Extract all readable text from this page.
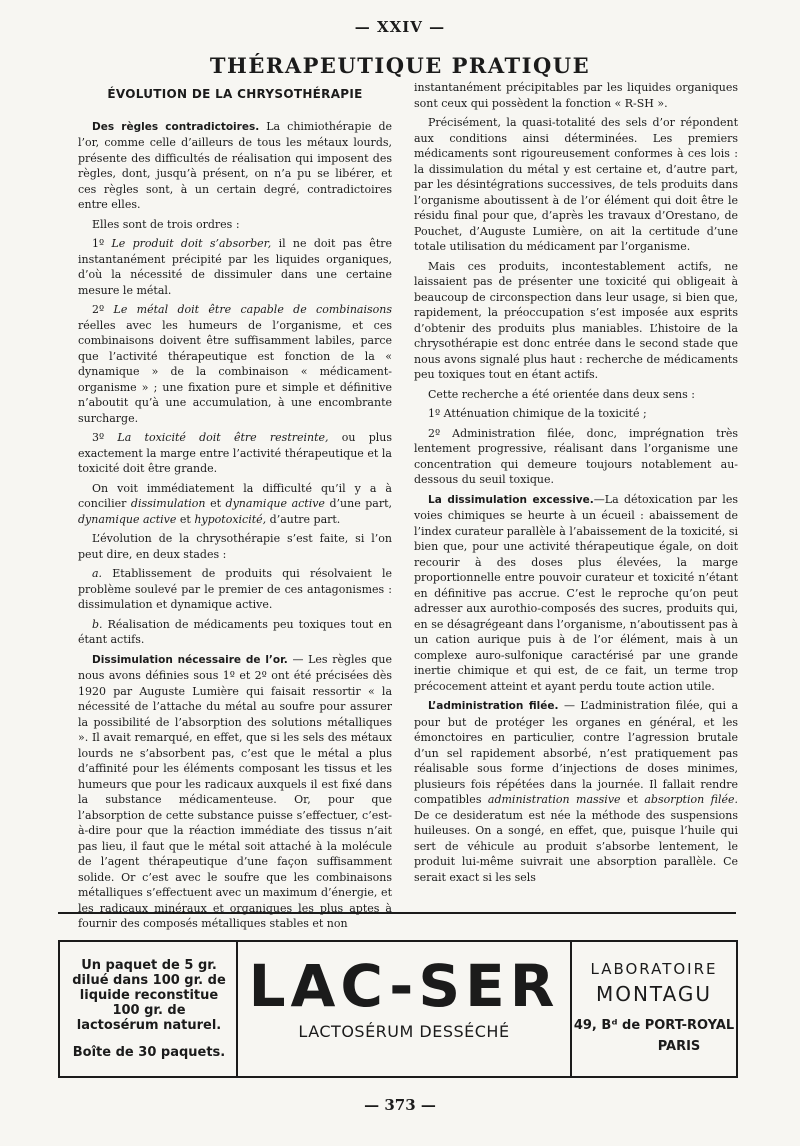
— XXIV —
THÉRAPEUTIQUE PRATIQUE
ÉVOLUTION DE LA CHRYSOTHÉRAPIE

Des règles contradictoires. La chimiothérapie de l’or, comme celle d’ailleurs de tous les métaux lourds, présente des difficultés de réalisation qui imposent des règles, dont, jusqu’à présent, on n’a pu se libérer, et ces règles sont, à un certain degré, contradictoires entre elles.

Elles sont de trois ordres :

1º Le produit doit s’absorber, il ne doit pas être instantanément précipité par les liquides organiques, d’où la nécessité de dissimuler dans une certaine mesure le métal.

2º Le métal doit être capable de combinaisons réelles avec les humeurs de l’organisme, et ces combinaisons doivent être suffisamment labiles, parce que l’activité thérapeutique est fonction de la « dynamique » de la combinaison « médicament-organisme » ; une fixation pure et simple et définitive n’aboutit qu’à une accumulation, à une encombrante surcharge.

3º La toxicité doit être restreinte, ou plus exactement la marge entre l’activité thérapeutique et la toxicité doit être grande.

On voit immédiatement la difficulté qu’il y a à concilier dissimulation et dynamique active d’une part, dynamique active et hypotoxicité, d’autre part.

L’évolution de la chrysothérapie s’est faite, si l’on peut dire, en deux stades :

a. Etablissement de produits qui résolvaient le problème soulevé par le premier de ces antagonismes : dissimulation et dynamique active.

b. Réalisation de médicaments peu toxiques tout en étant actifs.

Dissimulation nécessaire de l’or. — Les règles que nous avons définies sous 1º et 2º ont été précisées dès 1920 par Auguste Lumière qui faisait ressortir « la nécessité de l’attache du métal au soufre pour assurer la possibilité de l’absorption des solutions métalliques ». Il avait remarqué, en effet, que si les sels des métaux lourds ne s’absorbent pas, c’est que le métal a plus d’affinité pour les éléments composant les tissus et les humeurs que pour les radicaux auxquels il est fixé dans la substance médicamenteuse. Or, pour que l’absorption de cette substance puisse s’effectuer, c’est-à-dire pour que la réaction immédiate des tissus n’ait pas lieu, il faut que le métal soit attaché à la molécule de l’agent thérapeutique d’une façon suffisamment solide. Or c’est avec le soufre que les combinaisons métalliques s’effectuent avec un maximum d’énergie, et les radicaux minéraux et organiques les plus aptes à fournir des composés métalliques stables et non

instantanément précipitables par les liquides organiques sont ceux qui possèdent la fonction « R-SH ».

Précisément, la quasi-totalité des sels d’or répondent aux conditions ainsi déterminées. Les premiers médicaments sont rigoureusement conformes à ces lois : la dissimulation du métal y est certaine et, d’autre part, par les désintégrations successives, de tels produits dans l’organisme aboutissent à de l’or élément qui doit être le résidu final pour que, d’après les travaux d’Orestano, de Pouchet, d’Auguste Lumière, on ait la certitude d’une totale utilisation du médicament par l’organisme.

Mais ces produits, incontestablement actifs, ne laissaient pas de présenter une toxicité qui obligeait à beaucoup de circonspection dans leur usage, si bien que, rapidement, la préoccupation s’est imposée aux esprits d’obtenir des produits plus maniables. L’histoire de la chrysothérapie est donc entrée dans le second stade que nous avons signalé plus haut : recherche de médicaments peu toxiques tout en étant actifs.

Cette recherche a été orientée dans deux sens :

1º Atténuation chimique de la toxicité ;

2º Administration filée, donc, imprégnation très lentement progressive, réalisant dans l’organisme une concentration qui demeure toujours notablement au-dessous du seuil toxique.

La dissimulation excessive.—La détoxication par les voies chimiques se heurte à un écueil : abaissement de l’index curateur parallèle à l’abaissement de la toxicité, si bien que, pour une activité thérapeutique égale, on doit recourir à des doses plus élevées, la marge proportionnelle entre pouvoir curateur et toxicité n’étant en définitive pas accrue. C’est le reproche qu’on peut adresser aux aurothio-composés des sucres, produits qui, en se désagrégeant dans l’organisme, n’aboutissent pas à un cation aurique puis à de l’or élément, mais à un complexe auro-sulfonique caractérisé par une grande inertie chimique et qui est, de ce fait, un terme trop précocement atteint et ayant perdu toute action utile.

L’administration filée. — L’administration filée, qui a pour but de protéger les organes en général, et les émonctoires en particulier, contre l’agression brutale d’un sel rapidement absorbé, n’est pratiquement pas réalisable sous forme d’injections de doses minimes, plusieurs fois répétées dans la journée. Il fallait rendre compatibles administration massive et absorption filée. De ce desideratum est née la méthode des suspensions huileuses. On a songé, en effet, que, puisque l’huile qui sert de véhicule au produit s’absorbe lentement, le produit lui-même suivrait une absorption parallèle. Ce serait exact si les sels

Un paquet de 5 gr. dilué dans 100 gr. de liquide reconstitue 100 gr. de lactosérum naturel.
Boîte de 30 paquets.
LAC-SER
LACTOSÉRUM DESSÉCHÉ
LABORATOIRE
MONTAGU
49, Bᵈ de PORT-ROYAL
PARIS
— 373 —
